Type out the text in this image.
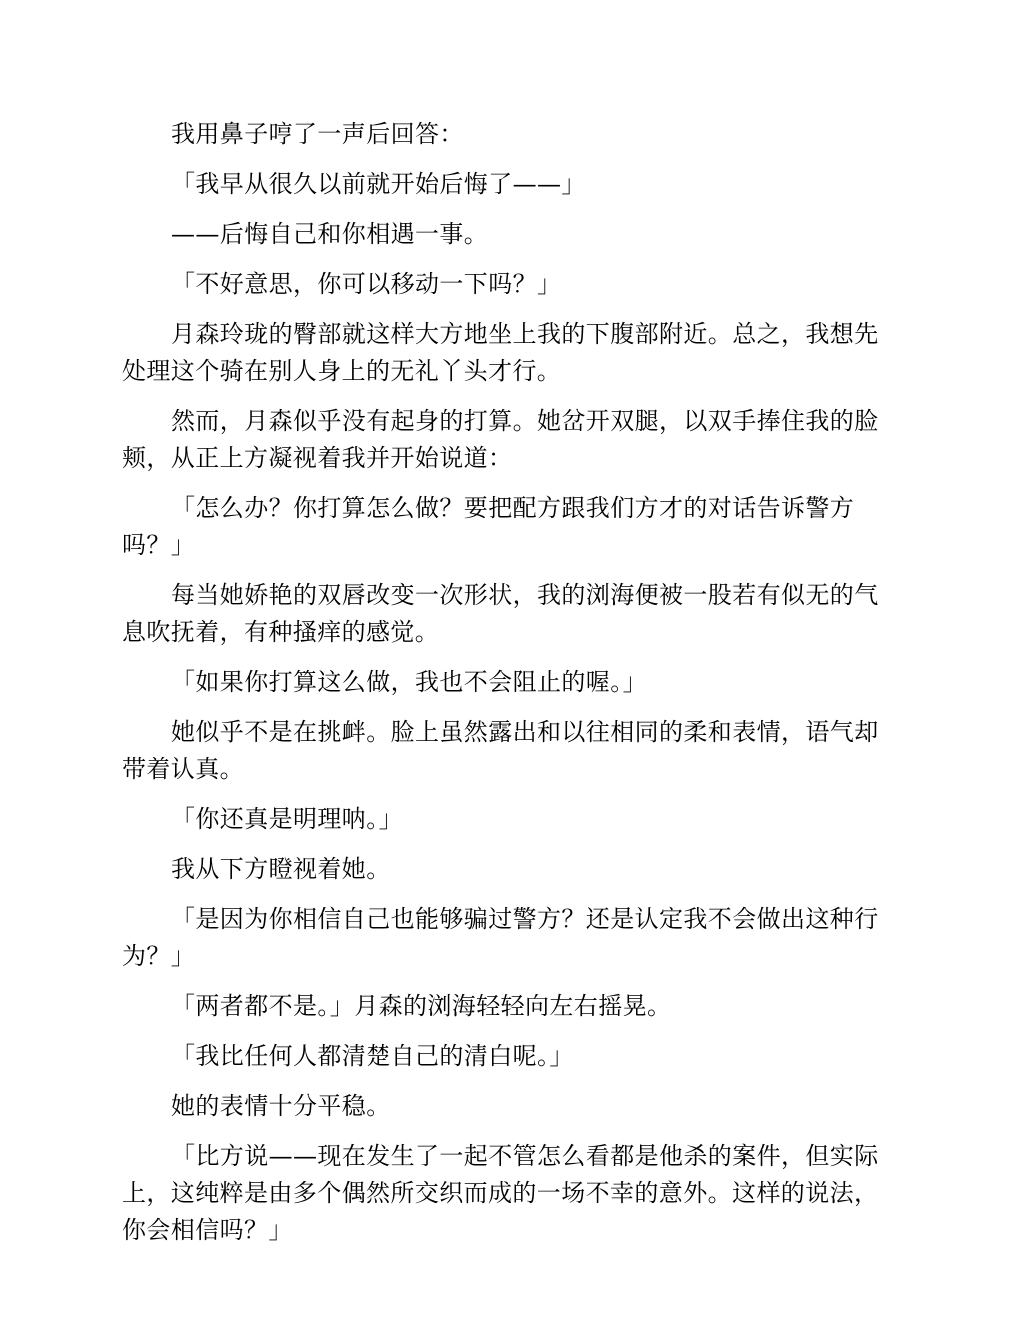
我用鼻子哼了一声后回答：

「我早从很久以前就开始后悔了——」

——后悔自己和你相遇一事。

「不好意思，你可以移动一下吗？」

月森玲珑的臀部就这样大方地坐上我的下腹部附近。总之，我想先处理这个骑在别人身上的无礼丫头才行。

然而，月森似乎没有起身的打算。她岔开双腿，以双手捧住我的脸颊，从正上方凝视着我并开始说道：

「怎么办？你打算怎么做？要把配方跟我们方才的对话告诉警方吗？」

每当她娇艳的双唇改变一次形状，我的浏海便被一股若有似无的气息吹抚着，有种搔痒的感觉。

「如果你打算这么做，我也不会阻止的喔。」

她似乎不是在挑衅。脸上虽然露出和以往相同的柔和表情，语气却带着认真。

「你还真是明理呐。」

我从下方瞪视着她。

「是因为你相信自己也能够骗过警方？还是认定我不会做出这种行为？」

「两者都不是。」月森的浏海轻轻向左右摇晃。

「我比任何人都清楚自己的清白呢。」

她的表情十分平稳。

「比方说——现在发生了一起不管怎么看都是他杀的案件，但实际上，这纯粹是由多个偶然所交织而成的一场不幸的意外。这样的说法，你会相信吗？」
